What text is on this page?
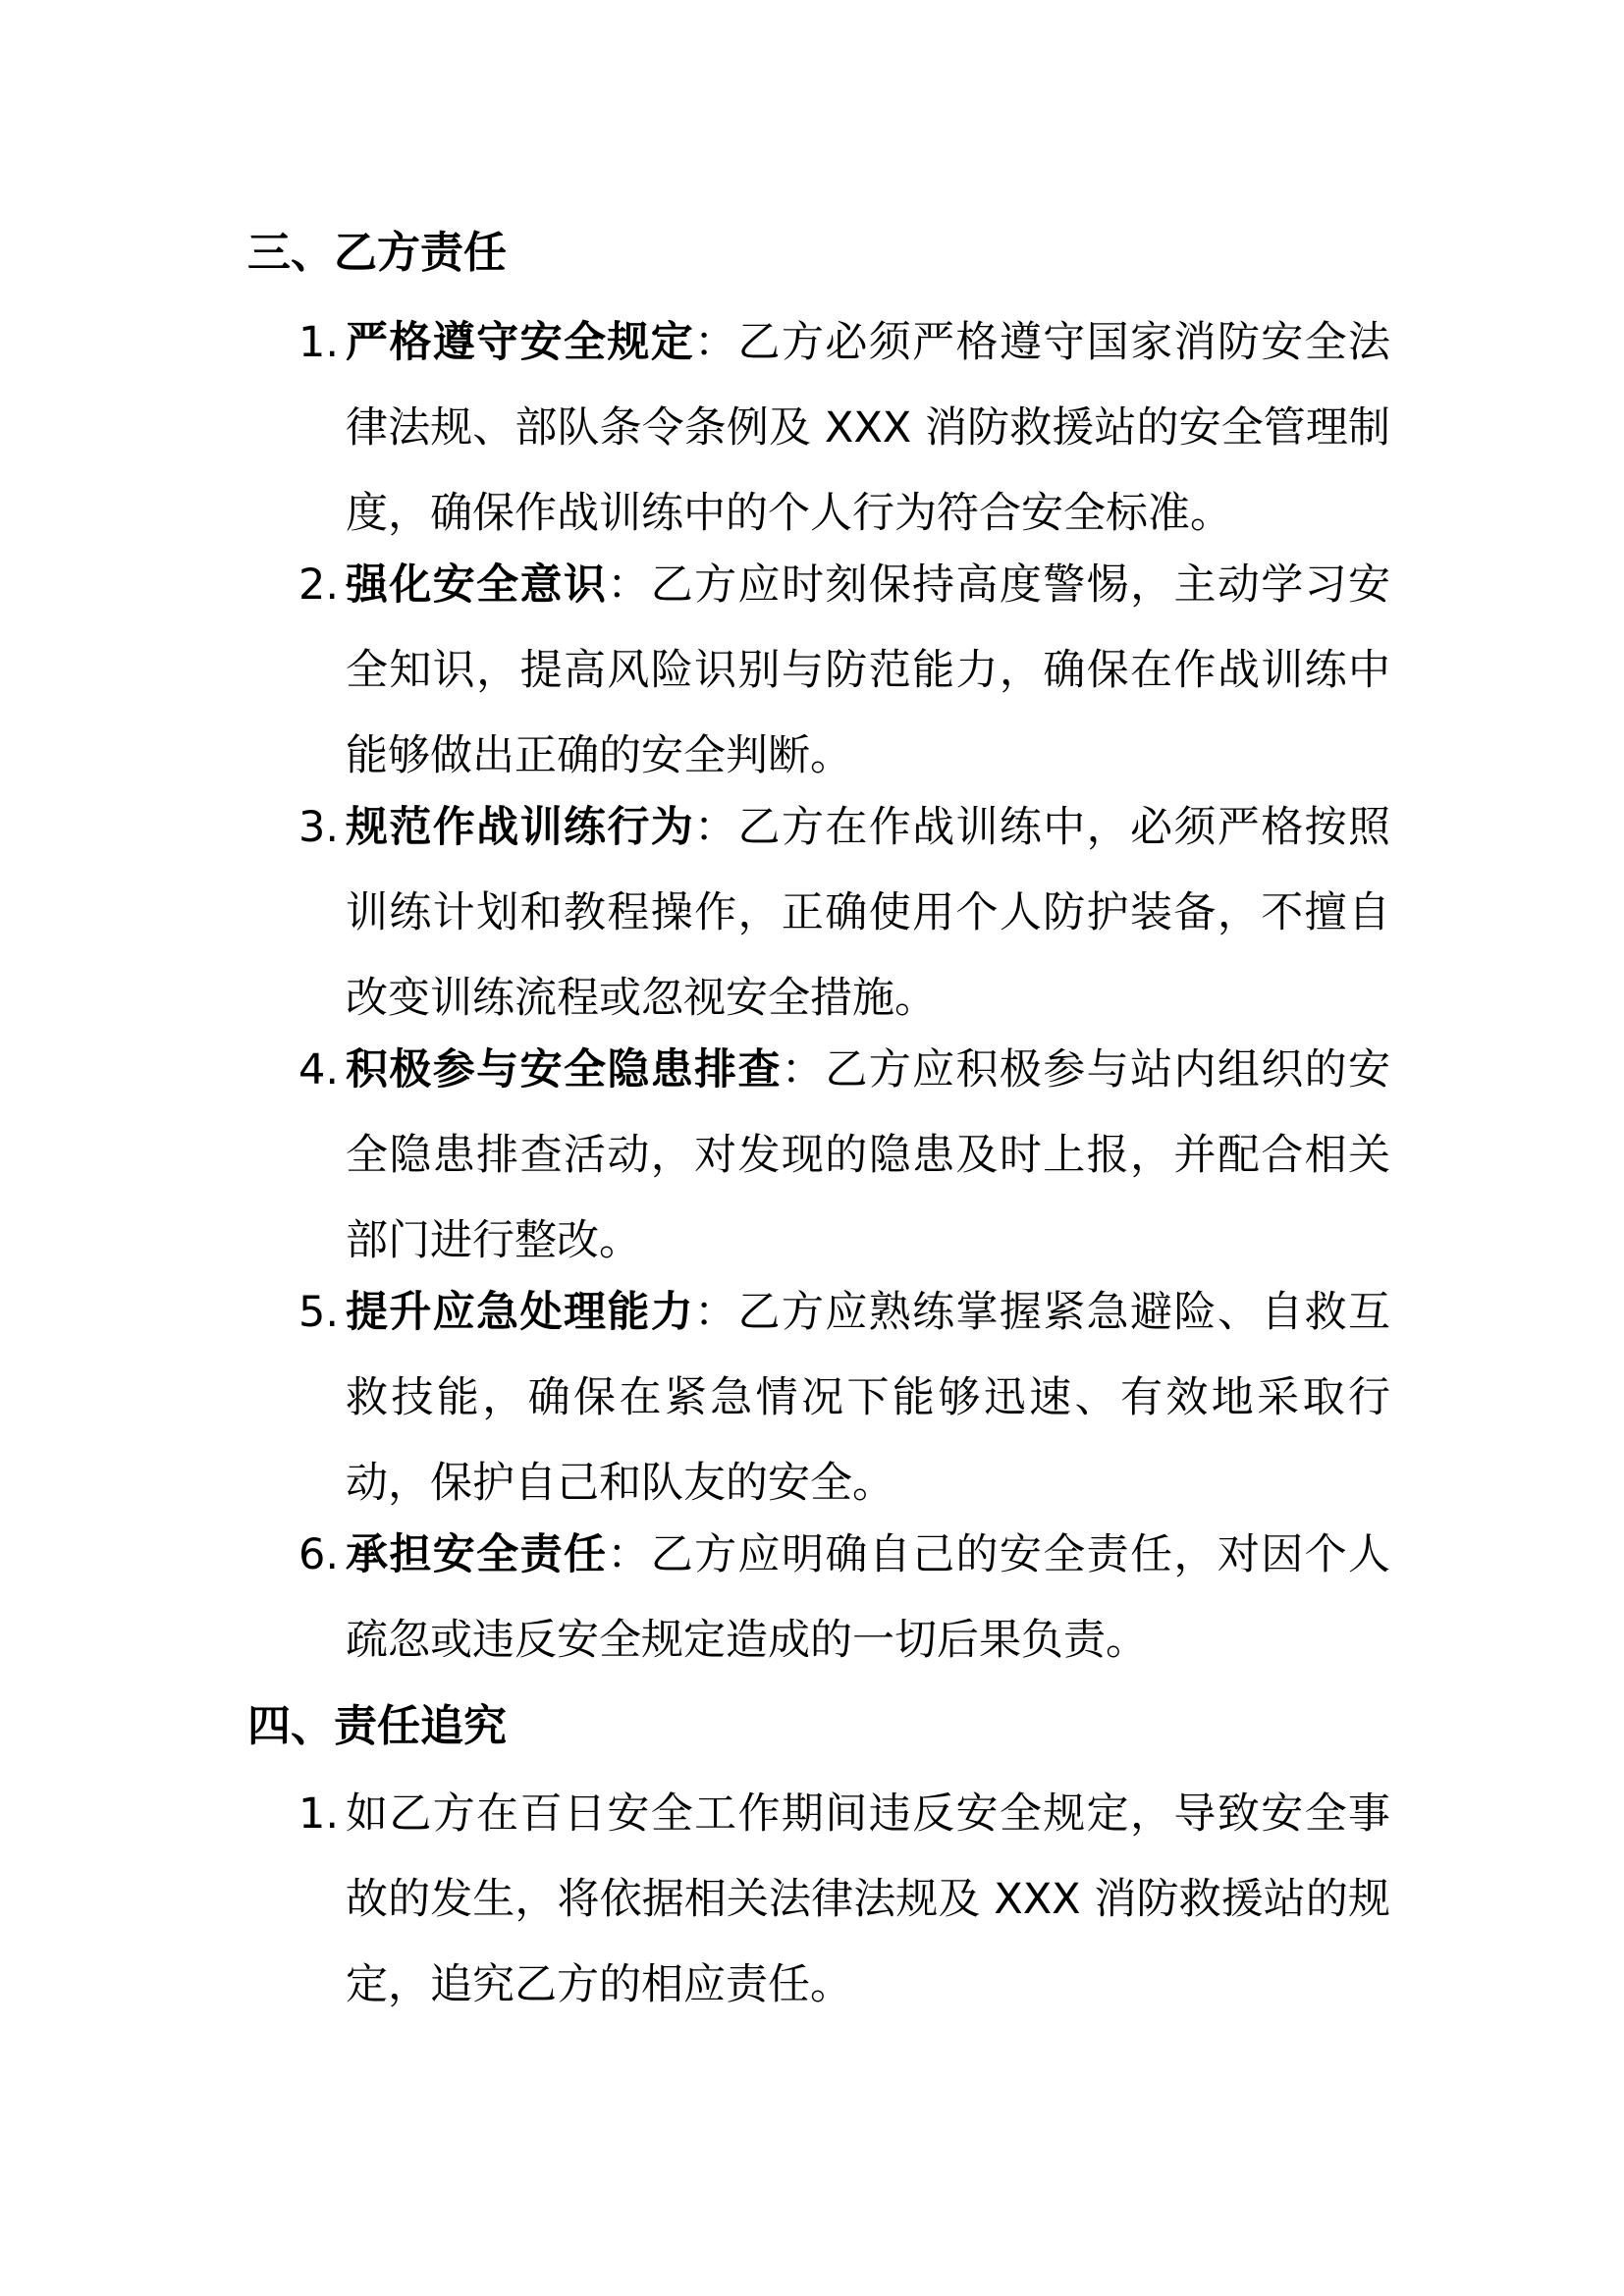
三、乙方责任
1. 严格遵守安全规定：乙方必须严格遵守国家消防安全法律法规、部队条令条例及 XXX 消防救援站的安全管理制度，确保作战训练中的个人行为符合安全标准。
2. 强化安全意识：乙方应时刻保持高度警惕，主动学习安全知识，提高风险识别与防范能力，确保在作战训练中能够做出正确的安全判断。
3. 规范作战训练行为：乙方在作战训练中，必须严格按照训练计划和教程操作，正确使用个人防护装备，不擅自改变训练流程或忽视安全措施。
4. 积极参与安全隐患排查：乙方应积极参与站内组织的安全隐患排查活动，对发现的隐患及时上报，并配合相关部门进行整改。
5. 提升应急处理能力：乙方应熟练掌握紧急避险、自救互救技能，确保在紧急情况下能够迅速、有效地采取行动，保护自己和队友的安全。
6. 承担安全责任：乙方应明确自己的安全责任，对因个人疏忽或违反安全规定造成的一切后果负责。
四、责任追究
1. 如乙方在百日安全工作期间违反安全规定，导致安全事故的发生，将依据相关法律法规及 XXX 消防救援站的规定，追究乙方的相应责任。
